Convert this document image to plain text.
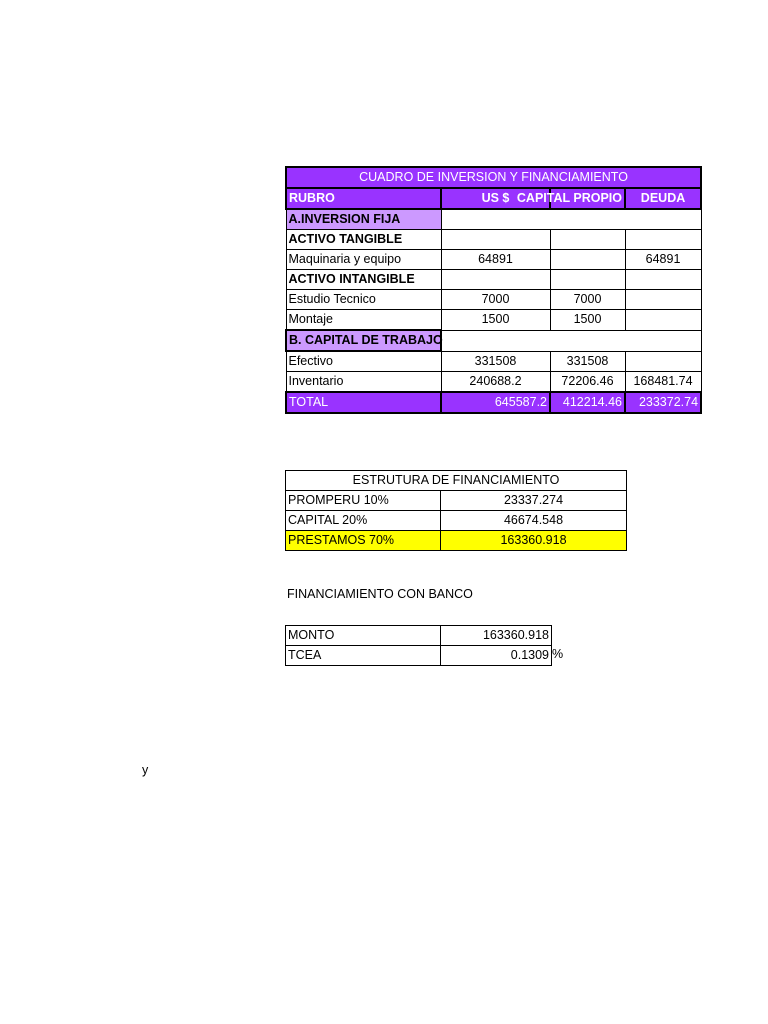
CUADRO DE INVERSION Y FINANCIAMIENTO			
RUBRO	US $	CAPITAL PROPIO	DEUDA
A.INVERSION FIJA			
ACTIVO TANGIBLE			
Maquinaria y equipo	64891		64891
ACTIVO INTANGIBLE			
Estudio Tecnico	7000	7000	
Montaje	1500	1500	
B. CAPITAL DE TRABAJO			
Efectivo	331508	331508	
Inventario	240688.2	72206.46	168481.74
TOTAL	645587.2	412214.46	233372.74
ESTRUTURA DE FINANCIAMIENTO	
PROMPERU 10%	23337.274
CAPITAL 20%	46674.548
PRESTAMOS 70%	163360.918
FINANCIAMIENTO CON BANCO
MONTO	163360.918
TCEA	0.1309 %
y
